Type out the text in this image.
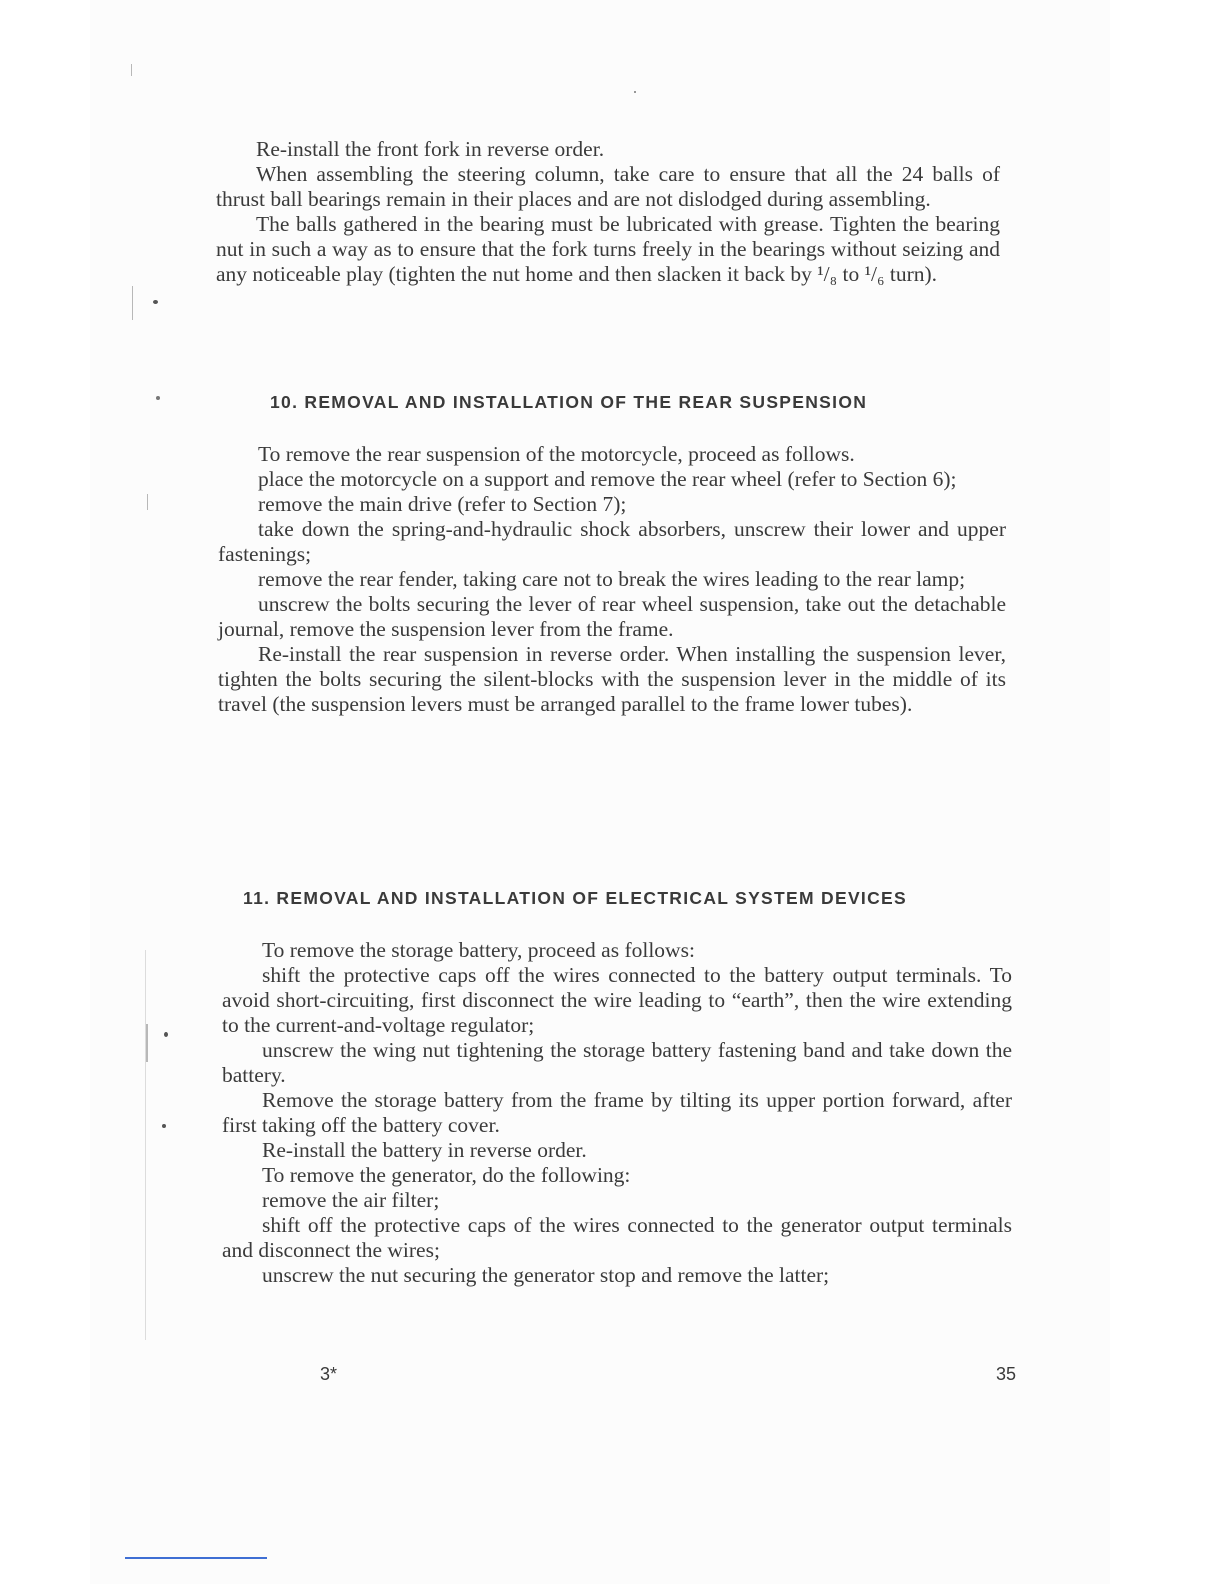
Re-install the front fork in reverse order.

When assembling the steering column, take care to ensure that all the 24 balls of thrust ball bearings remain in their places and are not dislodged during assembling.

The balls gathered in the bearing must be lubricated with grease. Tighten the bearing nut in such a way as to ensure that the fork turns freely in the bearings without seizing and any noticeable play (tighten the nut home and then slacken it back by ¹/₈ to ¹/₆ turn).

10. REMOVAL AND INSTALLATION OF THE REAR SUSPENSION

To remove the rear suspension of the motorcycle, proceed as follows.

place the motorcycle on a support and remove the rear wheel (refer to Section 6);

remove the main drive (refer to Section 7);

take down the spring-and-hydraulic shock absorbers, unscrew their lower and upper fastenings;

remove the rear fender, taking care not to break the wires leading to the rear lamp;

unscrew the bolts securing the lever of rear wheel suspension, take out the detachable journal, remove the suspension lever from the frame.

Re-install the rear suspension in reverse order. When installing the suspension lever, tighten the bolts securing the silent-blocks with the suspension lever in the middle of its travel (the suspension levers must be arranged parallel to the frame lower tubes).

11. REMOVAL AND INSTALLATION OF ELECTRICAL SYSTEM DEVICES

To remove the storage battery, proceed as follows:

shift the protective caps off the wires connected to the battery output terminals. To avoid short-circuiting, first disconnect the wire leading to “earth”, then the wire extending to the current-and-voltage regulator;

unscrew the wing nut tightening the storage battery fastening band and take down the battery.

Remove the storage battery from the frame by tilting its upper portion forward, after first taking off the battery cover.

Re-install the battery in reverse order.

To remove the generator, do the following:

remove the air filter;

shift off the protective caps of the wires connected to the generator output terminals and disconnect the wires;

unscrew the nut securing the generator stop and remove the latter;

3*	35
